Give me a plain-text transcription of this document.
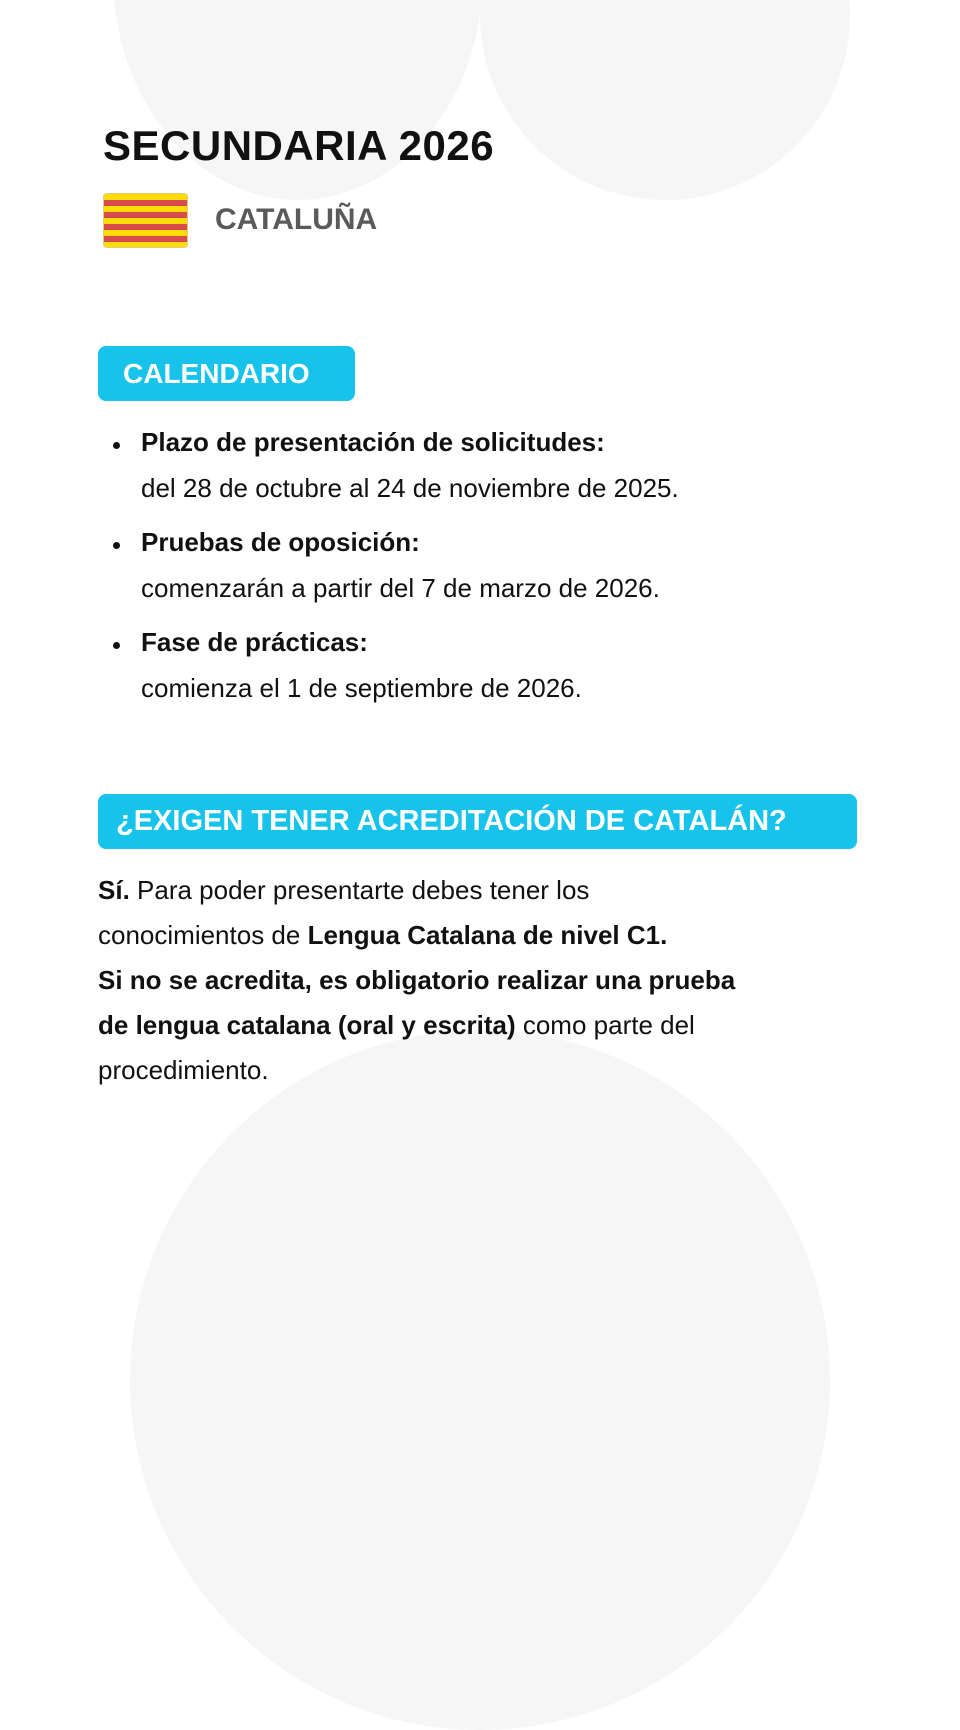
SECUNDARIA 2026
CATALUÑA
CALENDARIO
Plazo de presentación de solicitudes:
del 28 de octubre al 24 de noviembre de 2025.
Pruebas de oposición:
comenzarán a partir del 7 de marzo de 2026.
Fase de prácticas:
comienza el 1 de septiembre de 2026.
¿EXIGEN TENER ACREDITACIÓN DE CATALÁN?

Sí. Para poder presentarte debes tener los
conocimientos de Lengua Catalana de nivel C1.
Si no se acredita, es obligatorio realizar una prueba
de lengua catalana (oral y escrita) como parte del
procedimiento.
